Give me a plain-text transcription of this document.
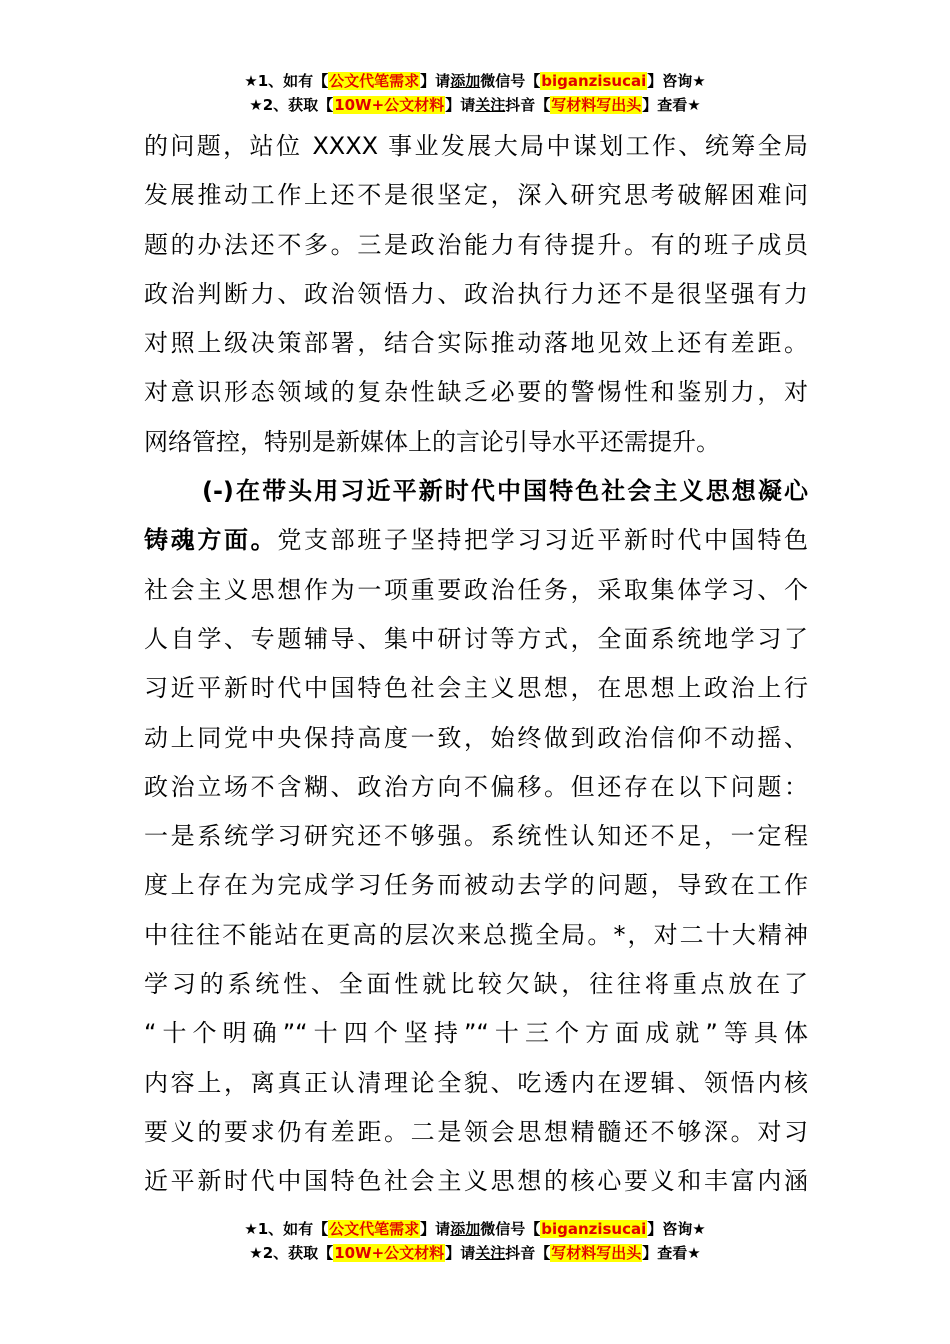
★1、如有【公文代笔需求】请添加微信号【biganzisucai】咨询★
★2、获取【10W+公文材料】请关注抖音【写材料写出头】查看★
的问题，站位 XXXX 事业发展大局中谋划工作、统筹全局
发展推动工作上还不是很坚定，深入研究思考破解困难问
题的办法还不多。三是政治能力有待提升。有的班子成员
政治判断力、政治领悟力、政治执行力还不是很坚强有力
对照上级决策部署，结合实际推动落地见效上还有差距。
对意识形态领域的复杂性缺乏必要的警惕性和鉴别力，对
网络管控，特别是新媒体上的言论引导水平还需提升。
(-)在带头用习近平新时代中国特色社会主义思想凝心
铸魂方面。党支部班子坚持把学习习近平新时代中国特色
社会主义思想作为一项重要政治任务，采取集体学习、个
人自学、专题辅导、集中研讨等方式，全面系统地学习了
习近平新时代中国特色社会主义思想，在思想上政治上行
动上同党中央保持高度一致，始终做到政治信仰不动摇、
政治立场不含糊、政治方向不偏移。但还存在以下问题：
一是系统学习研究还不够强。系统性认知还不足，一定程
度上存在为完成学习任务而被动去学的问题，导致在工作
中往往不能站在更高的层次来总揽全局。*，对二十大精神
学习的系统性、全面性就比较欠缺，往往将重点放在了
“十个明确”“十四个坚持”“十三个方面成就”等具体
内容上，离真正认清理论全貌、吃透内在逻辑、领悟内核
要义的要求仍有差距。二是领会思想精髓还不够深。对习
近平新时代中国特色社会主义思想的核心要义和丰富内涵
★1、如有【公文代笔需求】请添加微信号【biganzisucai】咨询★
★2、获取【10W+公文材料】请关注抖音【写材料写出头】查看★
